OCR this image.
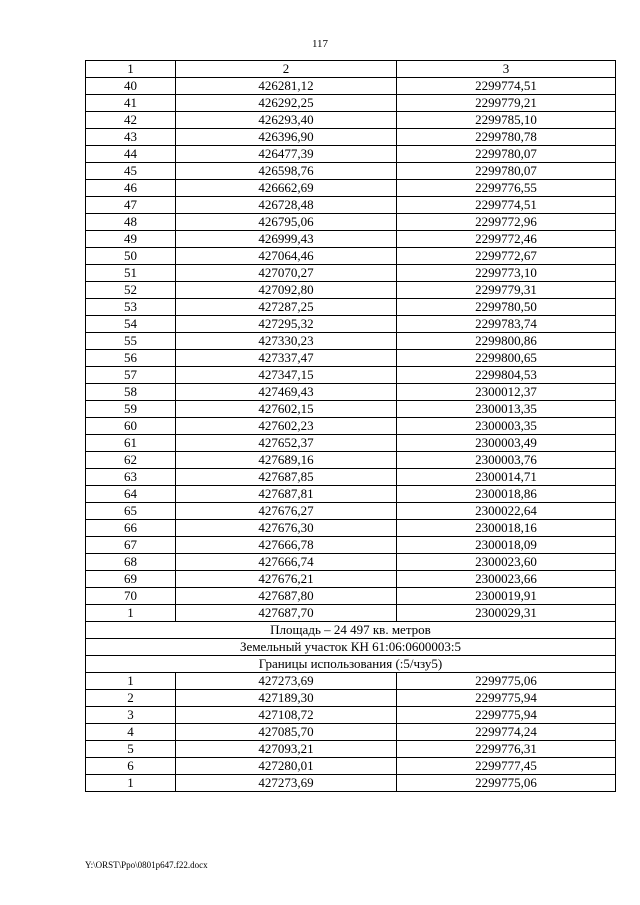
117
1	2	3
40	426281,12	2299774,51
41	426292,25	2299779,21
42	426293,40	2299785,10
43	426396,90	2299780,78
44	426477,39	2299780,07
45	426598,76	2299780,07
46	426662,69	2299776,55
47	426728,48	2299774,51
48	426795,06	2299772,96
49	426999,43	2299772,46
50	427064,46	2299772,67
51	427070,27	2299773,10
52	427092,80	2299779,31
53	427287,25	2299780,50
54	427295,32	2299783,74
55	427330,23	2299800,86
56	427337,47	2299800,65
57	427347,15	2299804,53
58	427469,43	2300012,37
59	427602,15	2300013,35
60	427602,23	2300003,35
61	427652,37	2300003,49
62	427689,16	2300003,76
63	427687,85	2300014,71
64	427687,81	2300018,86
65	427676,27	2300022,64
66	427676,30	2300018,16
67	427666,78	2300018,09
68	427666,74	2300023,60
69	427676,21	2300023,66
70	427687,80	2300019,91
1	427687,70	2300029,31
Площадь – 24 497 кв. метров		
Земельный участок КН 61:06:0600003:5		
Границы использования (:5/чзу5)		
1	427273,69	2299775,06
2	427189,30	2299775,94
3	427108,72	2299775,94
4	427085,70	2299774,24
5	427093,21	2299776,31
6	427280,01	2299777,45
1	427273,69	2299775,06
Y:\ORST\Ppo\0801p647.f22.docx
